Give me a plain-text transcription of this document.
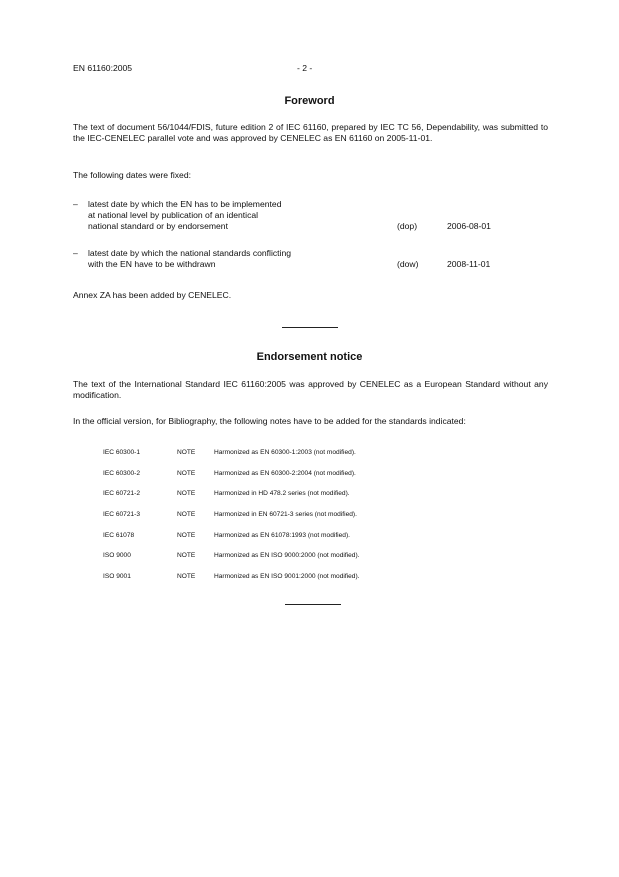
EN 61160:2005	- 2 -
Foreword
The text of document 56/1044/FDIS, future edition 2 of IEC 61160, prepared by IEC TC 56, Dependability, was submitted to the IEC-CENELEC parallel vote and was approved by CENELEC as EN 61160 on 2005-11-01.
The following dates were fixed:
– latest date by which the EN has to be implemented
at national level by publication of an identical
national standard or by endorsement	(dop)	2006-08-01
– latest date by which the national standards conflicting
with the EN have to be withdrawn	(dow)	2008-11-01
Annex ZA has been added by CENELEC.
Endorsement notice
The text of the International Standard IEC 61160:2005 was approved by CENELEC as a European Standard without any modification.
In the official version, for Bibliography, the following notes have to be added for the standards indicated:
IEC 60300-1	NOTE	Harmonized as EN 60300-1:2003 (not modified).
IEC 60300-2	NOTE	Harmonized as EN 60300-2:2004 (not modified).
IEC 60721-2	NOTE	Harmonized in HD 478.2 series (not modified).
IEC 60721-3	NOTE	Harmonized in EN 60721-3 series (not modified).
IEC 61078	NOTE	Harmonized as EN 61078:1993 (not modified).
ISO 9000	NOTE	Harmonized as EN ISO 9000:2000 (not modified).
ISO 9001	NOTE	Harmonized as EN ISO 9001:2000 (not modified).
